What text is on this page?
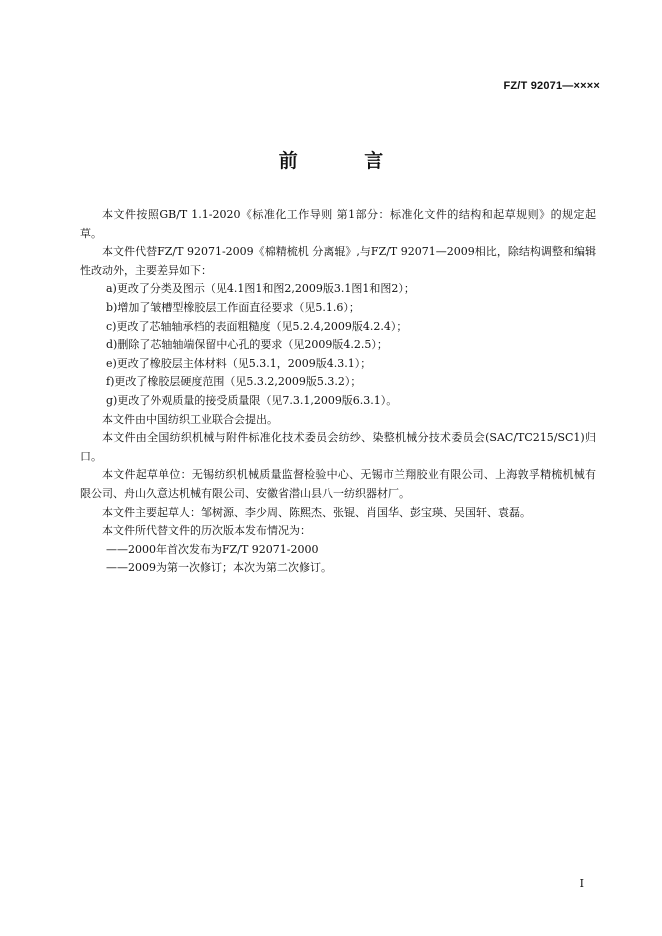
FZ/T 92071—××××
前 言

本文件按照GB/T 1.1-2020《标准化工作导则 第1部分：标准化文件的结构和起草规则》的规定起草。

本文件代替FZ/T 92071-2009《棉精梳机 分离辊》,与FZ/T 92071—2009相比，除结构调整和编辑性改动外，主要差异如下：

a)更改了分类及图示（见4.1图1和图2,2009版3.1图1和图2）；

b)增加了皱槽型橡胶层工作面直径要求（见5.1.6）；

c)更改了芯轴轴承档的表面粗糙度（见5.2.4,2009版4.2.4）；

d)删除了芯轴轴端保留中心孔的要求（见2009版4.2.5）；

e)更改了橡胶层主体材料（见5.3.1，2009版4.3.1）；

f)更改了橡胶层硬度范围（见5.3.2,2009版5.3.2）；

g)更改了外观质量的接受质量限（见7.3.1,2009版6.3.1）。

本文件由中国纺织工业联合会提出。

本文件由全国纺织机械与附件标准化技术委员会纺纱、染整机械分技术委员会(SAC/TC215/SC1)归口。

本文件起草单位：无锡纺织机械质量监督检验中心、无锡市兰翔胶业有限公司、上海敦孚精梳机械有限公司、舟山久意达机械有限公司、安徽省潜山县八一纺织器材厂。

本文件主要起草人：邹树源、李少周、陈熙杰、张锟、肖国华、彭宝瑛、吴国轩、袁磊。

本文件所代替文件的历次版本发布情况为：

——2000年首次发布为FZ/T 92071-2000

——2009为第一次修订；本次为第二次修订。

I
